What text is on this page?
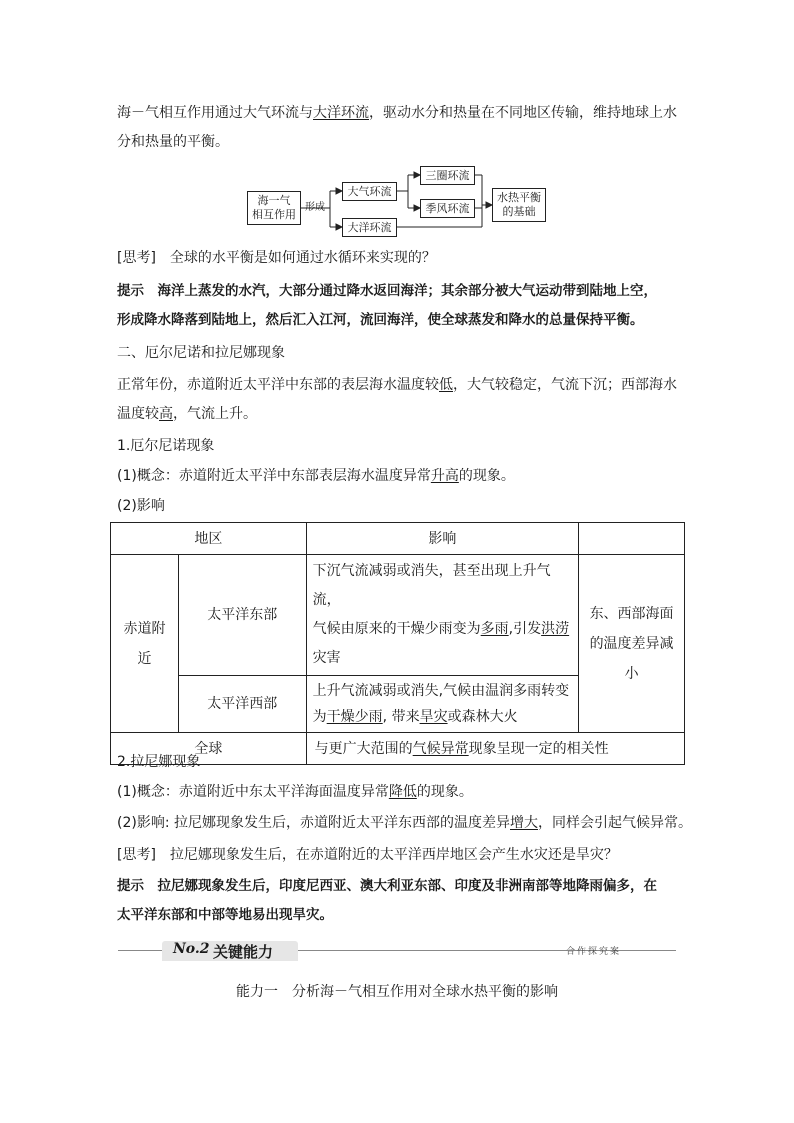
海－气相互作用通过大气环流与大洋环流，驱动水分和热量在不同地区传输，维持地球上水
分和热量的平衡。
海一气
相互作用
形成
大气环流
大洋环流
三圈环流
季风环流
水热平衡
的基础
[思考]　全球的水平衡是如何通过水循环来实现的？
提示　海洋上蒸发的水汽，大部分通过降水返回海洋；其余部分被大气运动带到陆地上空，
形成降水降落到陆地上，然后汇入江河，流回海洋，使全球蒸发和降水的总量保持平衡。
二、厄尔尼诺和拉尼娜现象
正常年份，赤道附近太平洋中东部的表层海水温度较低，大气较稳定，气流下沉；西部海水
温度较高，气流上升。
1.厄尔尼诺现象
(1)概念：赤道附近太平洋中东部表层海水温度异常升高的现象。
(2)影响
地区		影响	
赤道附近	太平洋东部	下沉气流减弱或消失，甚至出现上升气流，
气候由原来的干燥少雨变为多雨,引发洪涝
灾害	东、西部海面的温度差异减小
	太平洋西部	上升气流减弱或消失,气候由温润多雨转变
为干燥少雨, 带来旱灾或森林大火	

全球		与更广大范围的气候异常现象呈现一定的相关性	
2.拉尼娜现象
(1)概念：赤道附近中东太平洋海面温度异常降低的现象。
(2)影响: 拉尼娜现象发生后，赤道附近太平洋东西部的温度差异增大，同样会引起气候异常。
[思考]　拉尼娜现象发生后，在赤道附近的太平洋西岸地区会产生水灾还是旱灾？
提示　拉尼娜现象发生后，印度尼西亚、澳大利亚东部、印度及非洲南部等地降雨偏多，在
太平洋东部和中部等地易出现旱灾。
No.2 关键能力	合作探究案
能力一　分析海－气相互作用对全球水热平衡的影响
